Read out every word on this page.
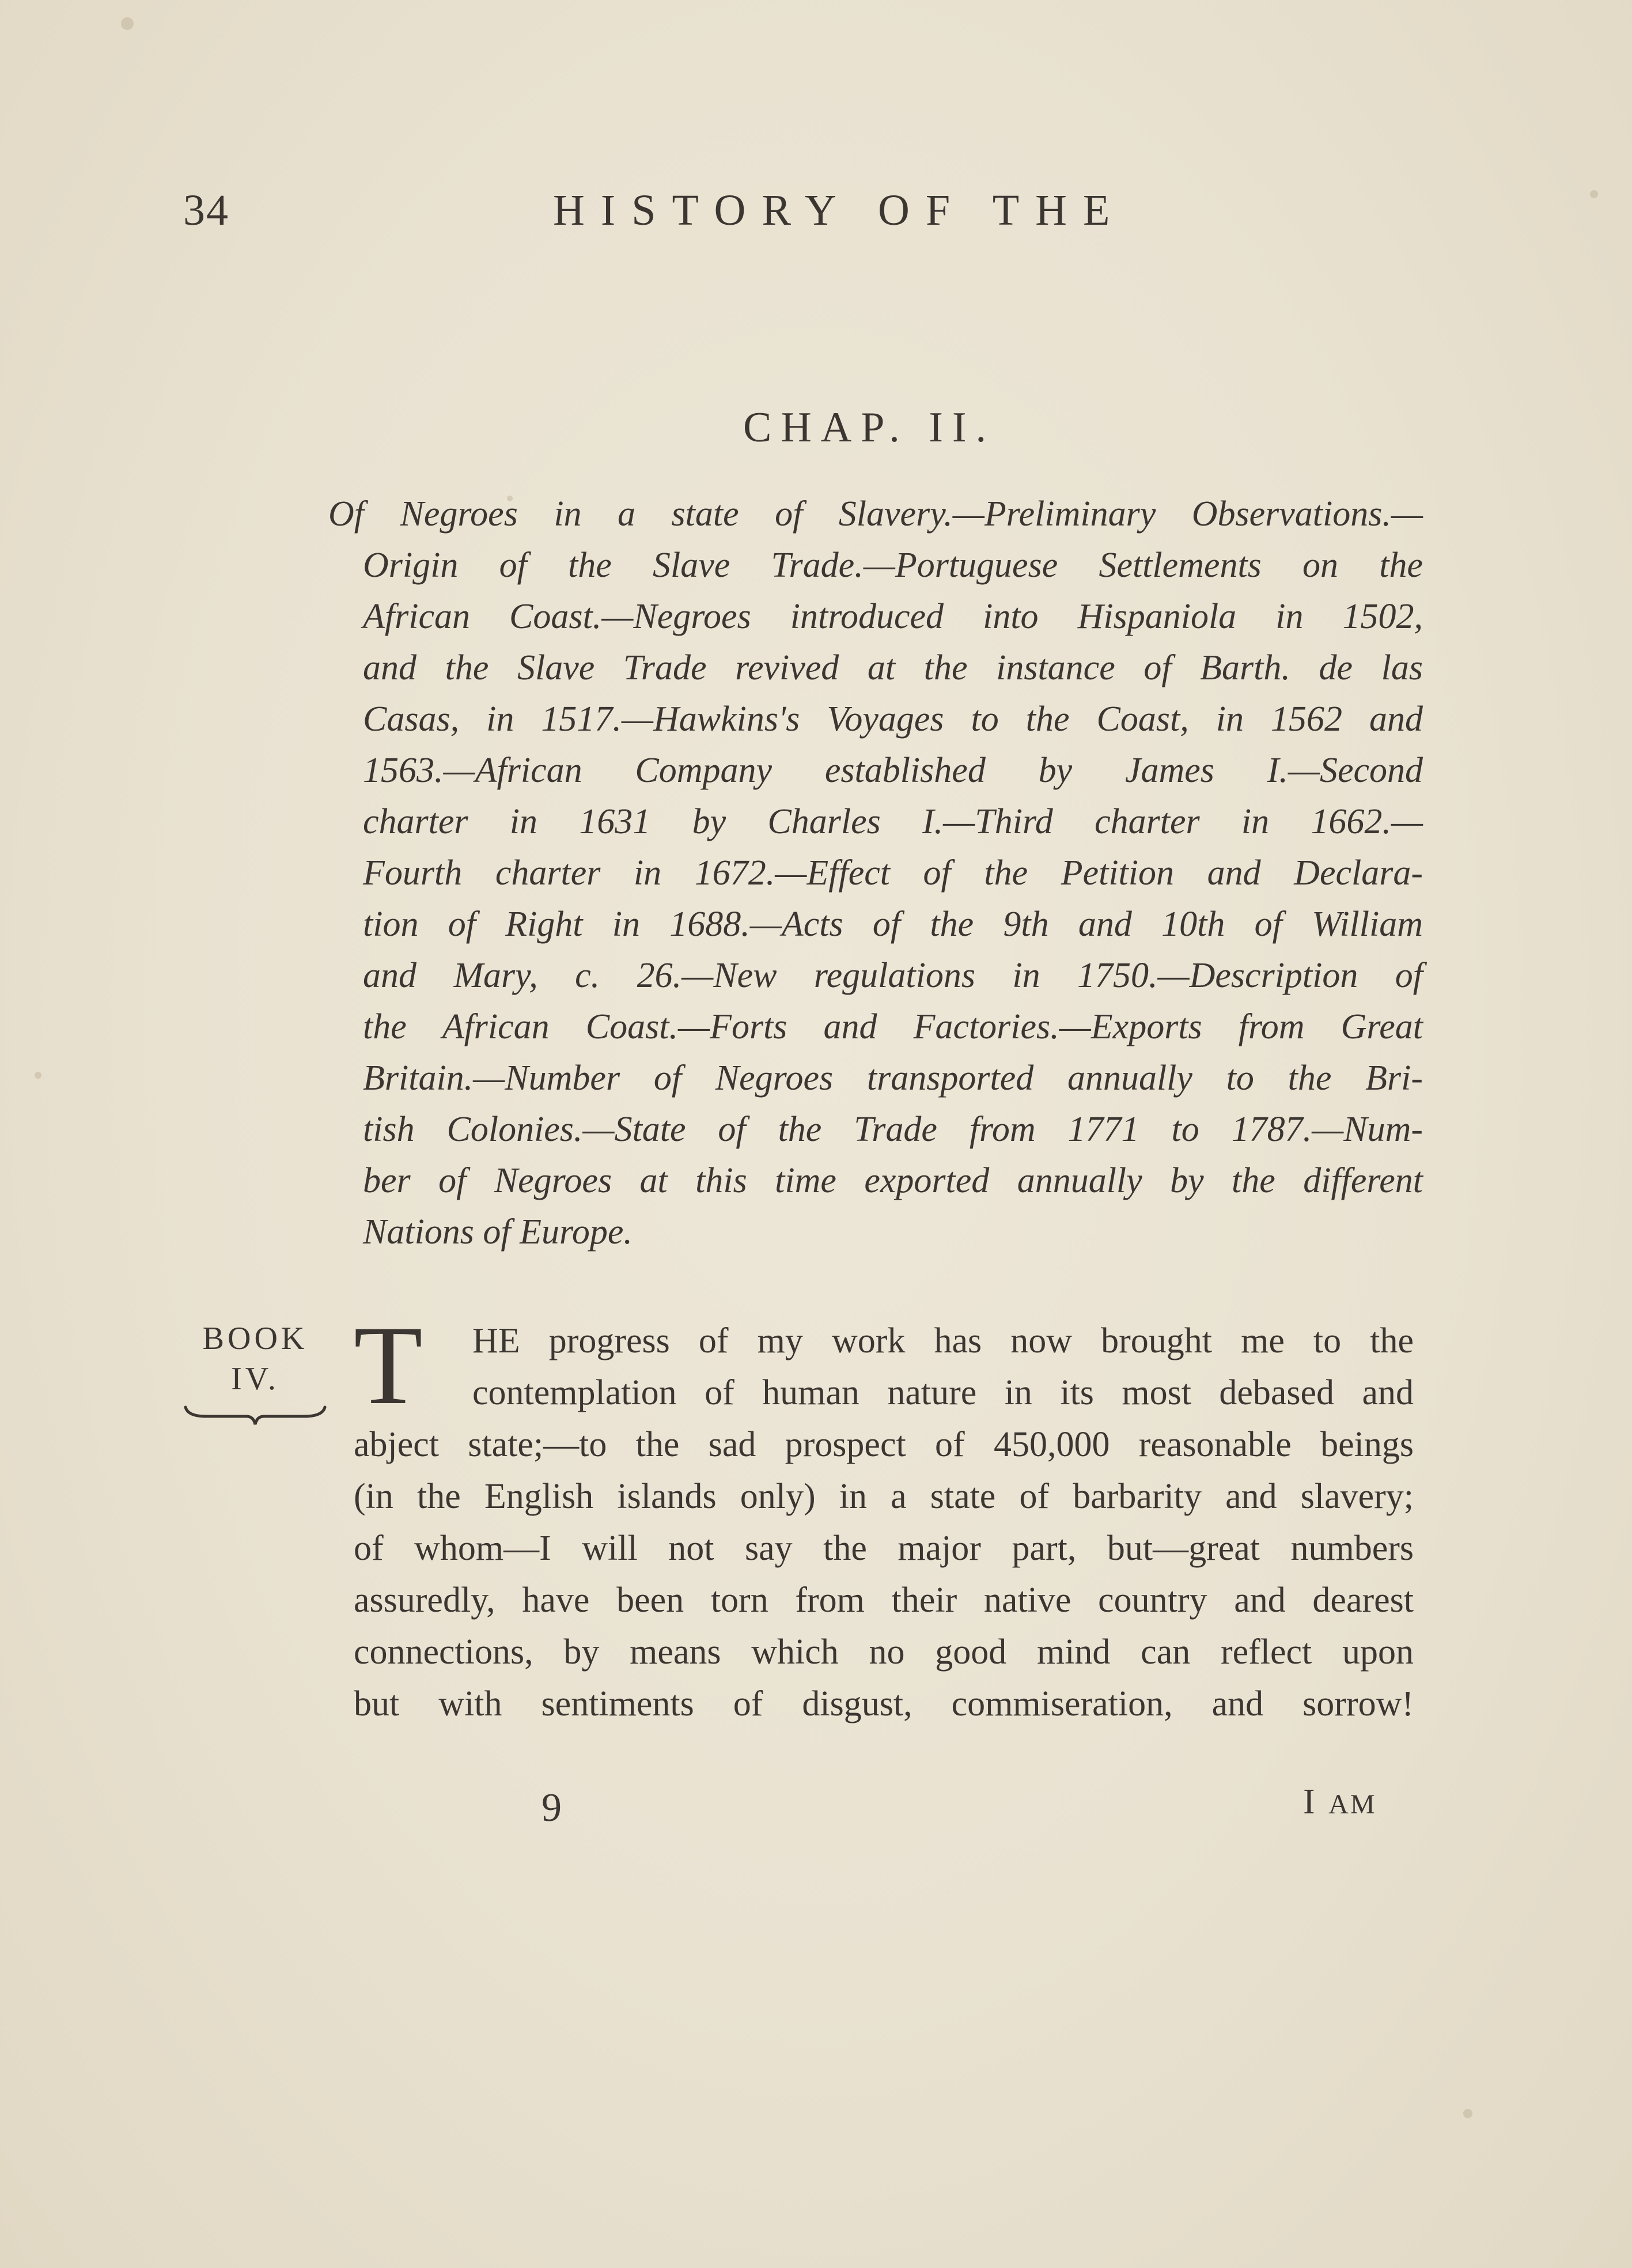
34	HISTORY OF THE
CHAP. II.
Of Negroes in a state of Slavery.—Preliminary Observations.—
Origin of the Slave Trade.—Portuguese Settlements on the
African Coast.—Negroes introduced into Hispaniola in 1502,
and the Slave Trade revived at the instance of Barth. de las
Casas, in 1517.—Hawkins's Voyages to the Coast, in 1562 and
1563.—African Company established by James I.—Second
charter in 1631 by Charles I.—Third charter in 1662.—
Fourth charter in 1672.—Effect of the Petition and Declara-
tion of Right in 1688.—Acts of the 9th and 10th of William
and Mary, c. 26.—New regulations in 1750.—Description of
the African Coast.—Forts and Factories.—Exports from Great
Britain.—Number of Negroes transported annually to the Bri-
tish Colonies.—State of the Trade from 1771 to 1787.—Num-
ber of Negroes at this time exported annually by the different
Nations of Europe.
BOOK
IV. T HE progress of my work has now brought me to the
contemplation of human nature in its most debased and
abject state;—to the sad prospect of 450,000 reasonable beings
(in the English islands only) in a state of barbarity and slavery;
of whom—I will not say the major part, but—great numbers
assuredly, have been torn from their native country and dearest
connections, by means which no good mind can reflect upon
but with sentiments of disgust, commiseration, and sorrow!
9	I AM
